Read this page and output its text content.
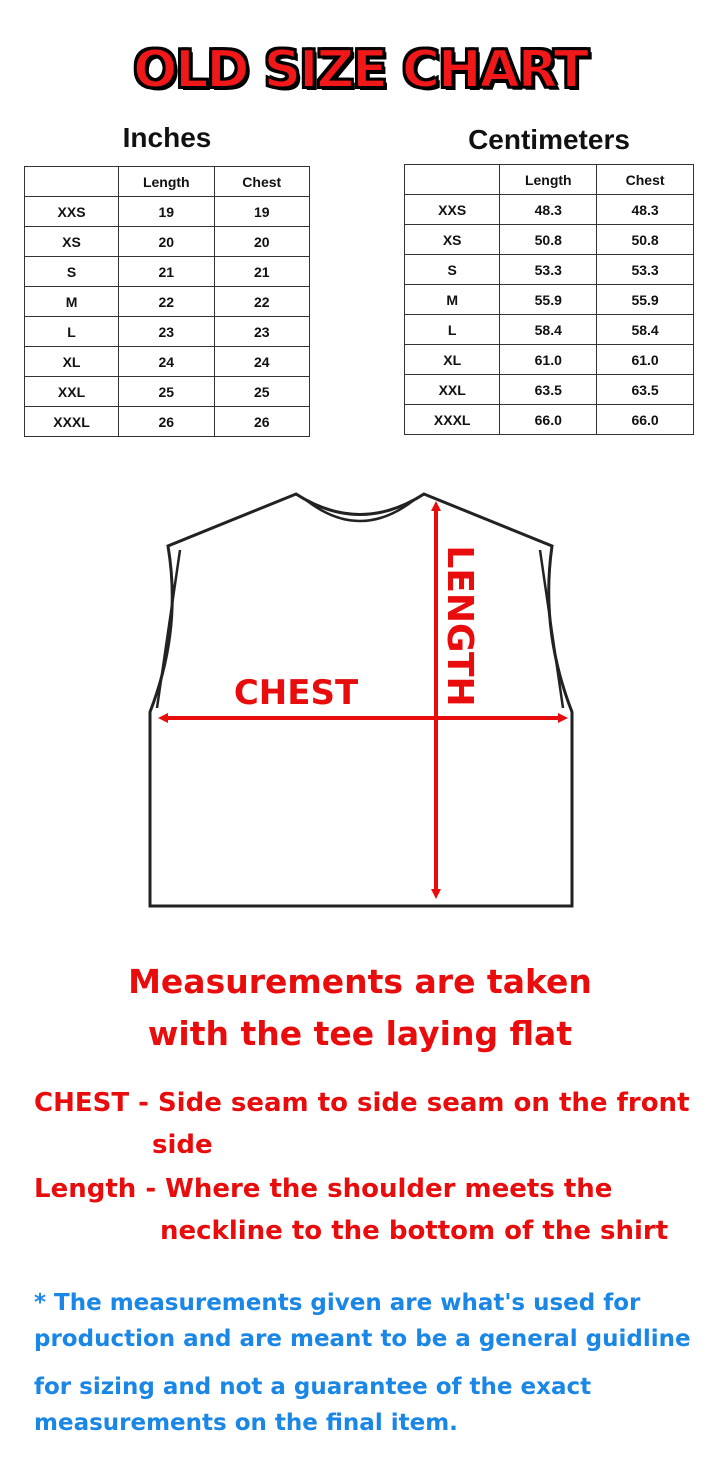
OLD SIZE CHART
Inches	Centimeters
	Length	Chest
XXS	19	19
XS	20	20
S	21	21
M	22	22
L	23	23
XL	24	24
XXL	25	25
XXXL	26	26
	Length	Chest
XXS	48.3	48.3
XS	50.8	50.8
S	53.3	53.3
M	55.9	55.9
L	58.4	58.4
XL	61.0	61.0
XXL	63.5	63.5
XXXL	66.0	66.0
CHEST LENGTH
Measurements are taken
with the tee laying flat
CHEST - Side seam to side seam on the front
side
Length - Where the shoulder meets the
neckline to the bottom of the shirt
* The measurements given are what's used for
production and are meant to be a general guidline
for sizing and not a guarantee of the exact
measurements on the final item.
